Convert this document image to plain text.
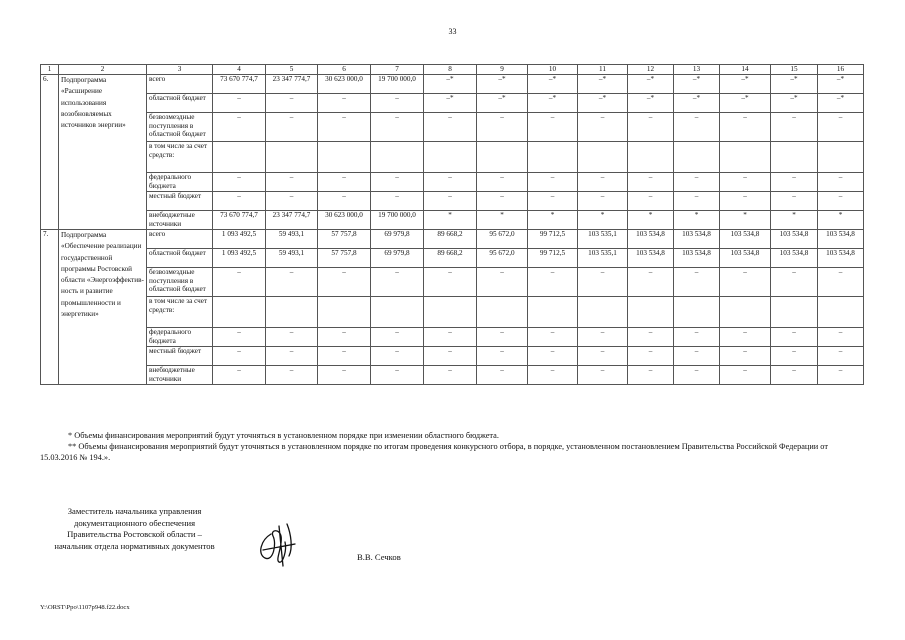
33
1	2	3	4	5	6	7	8	9	10	11	12	13	14	15	16
6.	Подпрограмма «Расширение использования возобновляемых источников энергии»	всего	73 670 774,7	23 347 774,7	30 623 000,0	19 700 000,0	–*	–*	–*	–*	–*	–*	–*	–*	–*
		областной бюджет	–	–	–	–	–*	–*	–*	–*	–*	–*	–*	–*	–*
		безвозмездные поступления в областной бюджет	–	–	–	–	–	–	–	–	–	–	–	–	–
		в том числе за счет средств:													
		федерального бюджета	–	–	–	–	–	–	–	–	–	–	–	–	–
		местный бюджет	–	–	–	–	–	–	–	–	–	–	–	–	–
		внебюджетные источники	73 670 774,7	23 347 774,7	30 623 000,0	19 700 000,0	*	*	*	*	*	*	*	*	*
7.	Подпрограмма «Обеспечение реализации государственной программы Ростовской области «Энергоэффектив-ность и развитие промышленности и энергетики»	всего	1 093 492,5	59 493,1	57 757,8	69 979,8	89 668,2	95 672,0	99 712,5	103 535,1	103 534,8	103 534,8	103 534,8	103 534,8	103 534,8
		областной бюджет	1 093 492,5	59 493,1	57 757,8	69 979,8	89 668,2	95 672,0	99 712,5	103 535,1	103 534,8	103 534,8	103 534,8	103 534,8	103 534,8
		безвозмездные поступления в областной бюджет	–	–	–	–	–	–	–	–	–	–	–	–	–
		в том числе за счет средств:													
		федерального бюджета	–	–	–	–	–	–	–	–	–	–	–	–	–
		местный бюджет	–	–	–	–	–	–	–	–	–	–	–	–	–
		внебюджетные источники	–	–	–	–	–	–	–	–	–	–	–	–	–

* Объемы финансирования мероприятий будут уточняться в установленном порядке при изменении областного бюджета.

** Объемы финансирования мероприятий будут уточняться в установленном порядке по итогам проведения конкурсного отбора, в порядке, установленном постановлением Правительства Российской Федерации от 15.03.2016 № 194.».

Заместитель начальника управления документационного обеспечения Правительства Ростовской области – начальник отдела нормативных документов
В.В. Сечков
Y:\ORST\Ppo\1107p948.f22.docx
